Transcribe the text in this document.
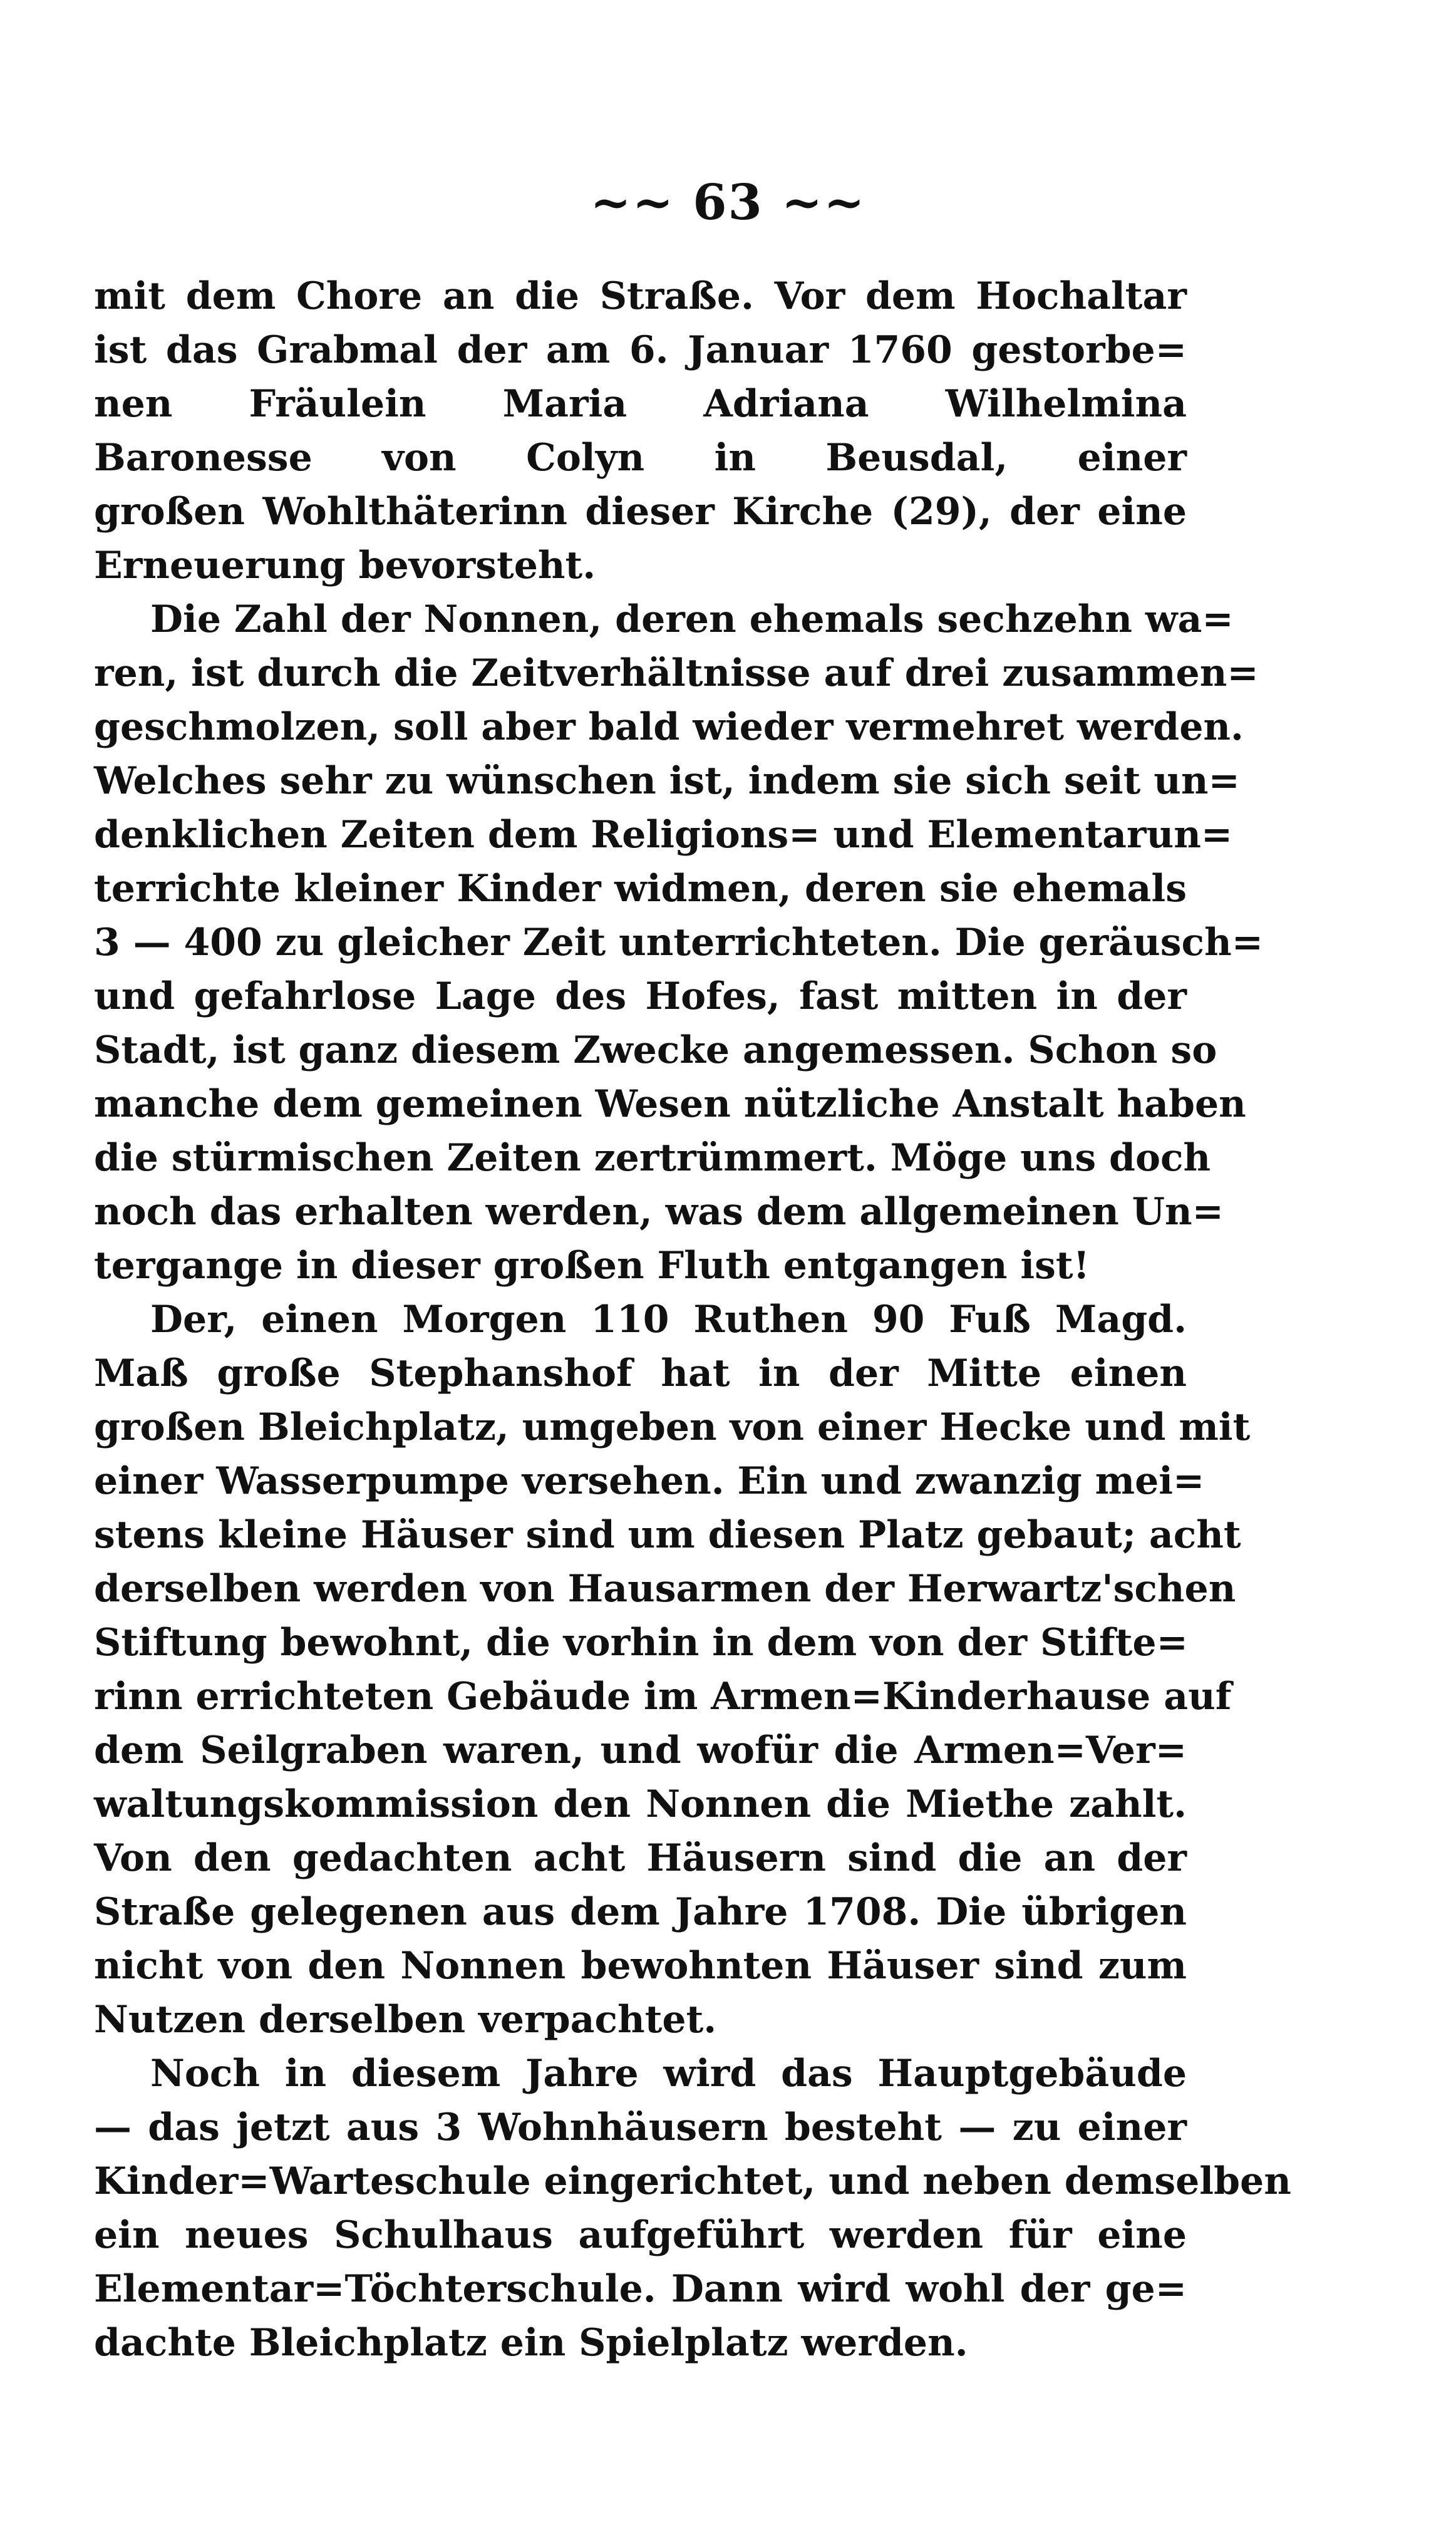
~~ 63 ~~
mit dem Chore an die Straße. Vor dem Hochaltar
ist das Grabmal der am 6. Januar 1760 gestorbe=
nen Fräulein Maria Adriana Wilhelmina
Baronesse von Colyn in Beusdal, einer
großen Wohlthäterinn dieser Kirche (29), der eine
Erneuerung bevorsteht.
Die Zahl der Nonnen, deren ehemals sechzehn wa=
ren, ist durch die Zeitverhältnisse auf drei zusammen=
geschmolzen, soll aber bald wieder vermehret werden.
Welches sehr zu wünschen ist, indem sie sich seit un=
denklichen Zeiten dem Religions= und Elementarun=
terrichte kleiner Kinder widmen, deren sie ehemals
3 — 400 zu gleicher Zeit unterrichteten. Die geräusch=
und gefahrlose Lage des Hofes, fast mitten in der
Stadt, ist ganz diesem Zwecke angemessen. Schon so
manche dem gemeinen Wesen nützliche Anstalt haben
die stürmischen Zeiten zertrümmert. Möge uns doch
noch das erhalten werden, was dem allgemeinen Un=
tergange in dieser großen Fluth entgangen ist!
Der, einen Morgen 110 Ruthen 90 Fuß Magd.
Maß große Stephanshof hat in der Mitte einen
großen Bleichplatz, umgeben von einer Hecke und mit
einer Wasserpumpe versehen. Ein und zwanzig mei=
stens kleine Häuser sind um diesen Platz gebaut; acht
derselben werden von Hausarmen der Herwartz'schen
Stiftung bewohnt, die vorhin in dem von der Stifte=
rinn errichteten Gebäude im Armen=Kinderhause auf
dem Seilgraben waren, und wofür die Armen=Ver=
waltungskommission den Nonnen die Miethe zahlt.
Von den gedachten acht Häusern sind die an der
Straße gelegenen aus dem Jahre 1708. Die übrigen
nicht von den Nonnen bewohnten Häuser sind zum
Nutzen derselben verpachtet.
Noch in diesem Jahre wird das Hauptgebäude
— das jetzt aus 3 Wohnhäusern besteht — zu einer
Kinder=Warteschule eingerichtet, und neben demselben
ein neues Schulhaus aufgeführt werden für eine
Elementar=Töchterschule. Dann wird wohl der ge=
dachte Bleichplatz ein Spielplatz werden.
